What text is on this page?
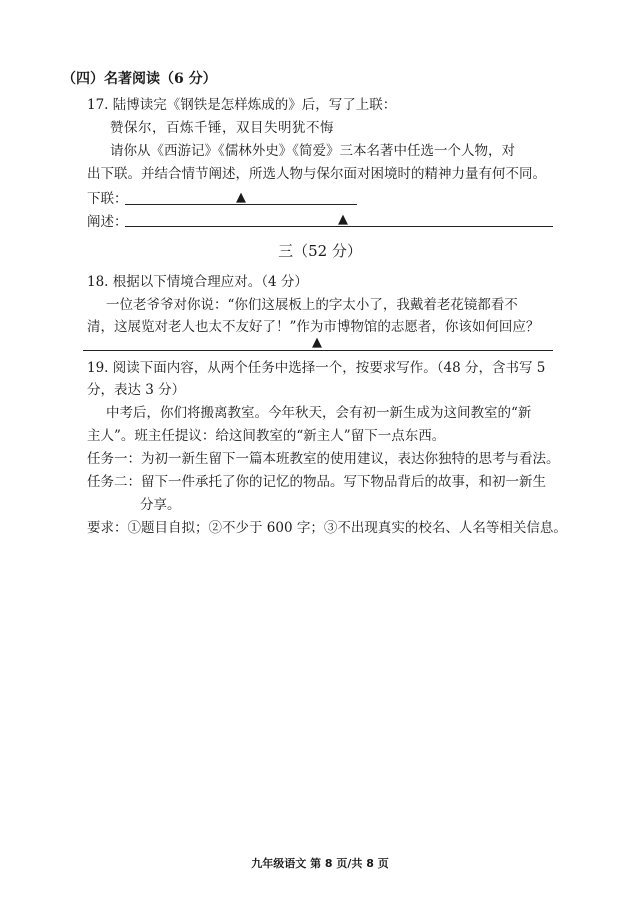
（四）名著阅读（6 分）
17. 陆博读完《钢铁是怎样炼成的》后，写了上联：
赞保尔，百炼千锤，双目失明犹不悔
请你从《西游记》《儒林外史》《简爱》三本名著中任选一个人物，对
出下联。并结合情节阐述，所选人物与保尔面对困境时的精神力量有何不同。
下联：	▲
阐述：	▲
三（52 分）
18. 根据以下情境合理应对。（4 分）
一位老爷爷对你说：“你们这展板上的字太小了，我戴着老花镜都看不
清，这展览对老人也太不友好了！”作为市博物馆的志愿者，你该如何回应？
▲
19. 阅读下面内容，从两个任务中选择一个，按要求写作。（48 分，含书写 5
分，表达 3 分）
中考后，你们将搬离教室。今年秋天，会有初一新生成为这间教室的“新
主人”。班主任提议：给这间教室的“新主人”留下一点东西。
任务一：为初一新生留下一篇本班教室的使用建议，表达你独特的思考与看法。
任务二：留下一件承托了你的记忆的物品。写下物品背后的故事，和初一新生
分享。
要求：①题目自拟；②不少于 600 字；③不出现真实的校名、人名等相关信息。
九年级语文 第 8 页/共 8 页
